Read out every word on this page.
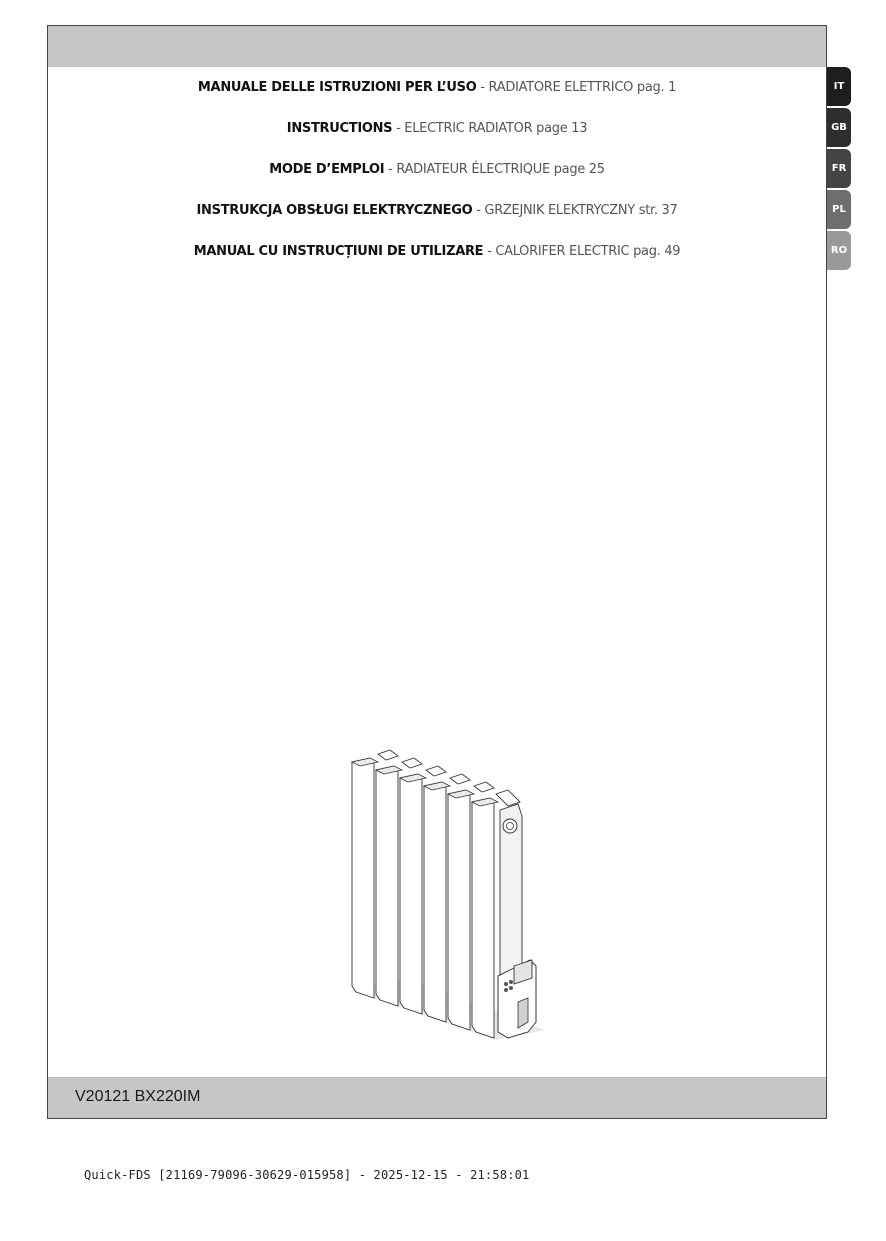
MANUALE DELLE ISTRUZIONI PER L’USO - RADIATORE ELETTRICO pag. 1
INSTRUCTIONS - ELECTRIC RADIATOR page 13
MODE D’EMPLOI - RADIATEUR ÉLECTRIQUE page 25
INSTRUKCJA OBSŁUGI ELEKTRYCZNEGO - GRZEJNIK ELEKTRYCZNY str. 37
MANUAL CU INSTRUCȚIUNI DE UTILIZARE - CALORIFER ELECTRIC pag. 49
V20121 BX220IM
IT
GB
FR
PL
RO
Quick-FDS [21169-79096-30629-015958] - 2025-12-15 - 21:58:01
